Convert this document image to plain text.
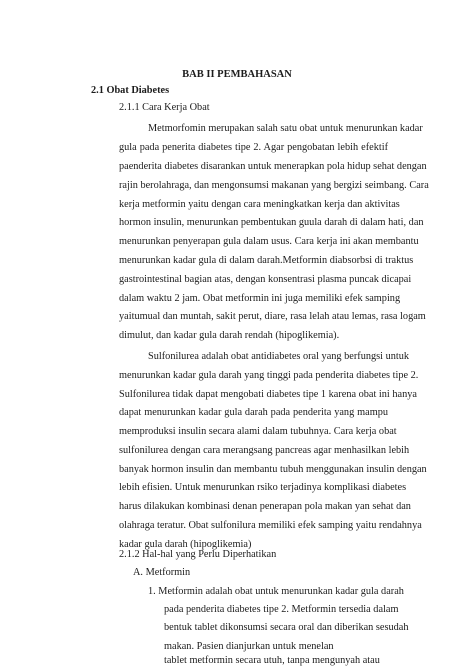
BAB II PEMBAHASAN
2.1 Obat Diabetes
2.1.1 Cara Kerja Obat
Metmorfomin merupakan salah satu obat untuk menurunkan kadar
gula pada penerita diabetes tipe 2. Agar pengobatan lebih efektif
paenderita diabetes disarankan untuk menerapkan pola hidup sehat dengan
rajin berolahraga, dan mengonsumsi makanan yang bergizi seimbang. Cara
kerja metformin yaitu dengan cara meningkatkan kerja dan aktivitas
hormon insulin, menurunkan pembentukan guula darah di dalam hati, dan
menurunkan penyerapan gula dalam usus. Cara kerja ini akan membantu
menurunkan kadar gula di dalam darah.Metformin diabsorbsi di traktus
gastrointestinal bagian atas, dengan konsentrasi plasma puncak dicapai
dalam waktu 2 jam. Obat metformin ini juga memiliki efek samping
yaitumual dan muntah, sakit perut, diare, rasa lelah atau lemas, rasa logam
dimulut, dan kadar gula darah rendah (hipoglikemia).
Sulfonilurea adalah obat antidiabetes oral yang berfungsi untuk
menurunkan kadar gula darah yang tinggi pada penderita diabetes tipe 2.
Sulfonilurea tidak dapat mengobati diabetes tipe 1 karena obat ini hanya
dapat menurunkan kadar gula darah pada penderita yang mampu
memproduksi insulin secara alami dalam tubuhnya. Cara kerja obat
sulfonilurea dengan cara merangsang pancreas agar menhasilkan lebih
banyak hormon insulin dan membantu tubuh menggunakan insulin dengan
lebih efisien. Untuk menurunkan rsiko terjadinya komplikasi diabetes
harus dilakukan kombinasi denan penerapan pola makan yan sehat dan
olahraga teratur. Obat sulfonilura memiliki efek samping yaitu rendahnya
kadar gula darah (hipoglikemia)
2.1.2 Hal-hal yang Perlu Diperhatikan
A. Metformin
1. Metformin adalah obat untuk menurunkan kadar gula darah
pada penderita diabetes tipe 2. Metformin tersedia dalam
bentuk tablet dikonsumsi secara oral dan diberikan sesudah
makan. Pasien dianjurkan untuk menelan
tablet metformin secara utuh, tanpa mengunyah atau
